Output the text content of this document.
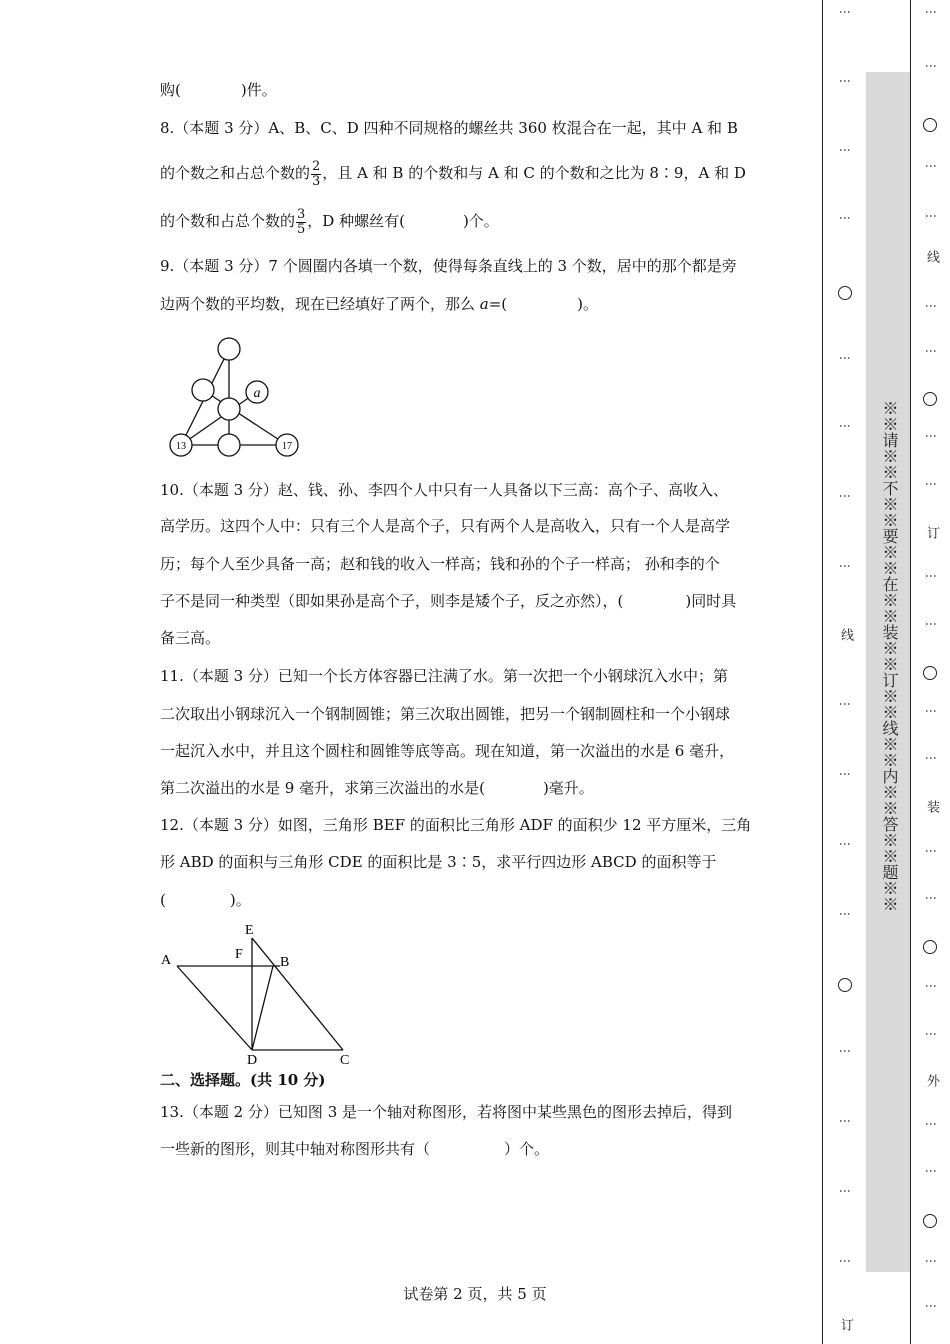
购(	)件。
8.（本题 3 分）A、B、C、D 四种不同规格的螺丝共 360 枚混合在一起，其中 A 和 B
的个数之和占总个数的 $\frac{2}{3}$ ，且 A 和 B 的个数和与 A 和 C 的个数和之比为 8∶9，A 和 D
的个数和占总个数的 $\frac{3}{5}$ ，D 种螺丝有(	)个。
9.（本题 3 分）7 个圆圈内各填一个数，使得每条直线上的 3 个数，居中的那个都是旁
边两个数的平均数，现在已经填好了两个，那么 a=(	)。
a
13	17
10.（本题 3 分）赵、钱、孙、李四个人中只有一人具备以下三高：高个子、高收入、
高学历。这四个人中：只有三个人是高个子，只有两个人是高收入，只有一个人是高学
历；每个人至少具备一高；赵和钱的收入一样高；钱和孙的个子一样高； 孙和李的个
子不是同一种类型（即如果孙是高个子，则李是矮个子，反之亦然），(	)同时具
备三高。
11.（本题 3 分）已知一个长方体容器已注满了水。第一次把一个小钢球沉入水中；第
二次取出小钢球沉入一个钢制圆锥；第三次取出圆锥，把另一个钢制圆柱和一个小钢球
一起沉入水中，并且这个圆柱和圆锥等底等高。现在知道，第一次溢出的水是 6 毫升，
第二次溢出的水是 9 毫升，求第三次溢出的水是(	)毫升。
12.（本题 3 分）如图，三角形 BEF 的面积比三角形 ADF 的面积少 12 平方厘米，三角
形 ABD 的面积与三角形 CDE 的面积比是 3∶5，求平行四边形 ABCD 的面积等于
(	)。
E
A	F
B
D	C
二、选择题。(共 10 分)
13.（本题 2 分）已知图 3 是一个轴对称图形，若将图中某些黑色的图形去掉后，得到
一些新的图形，则其中轴对称图形共有（	）个。
试卷第 2 页，共 5 页
⋮
⋮
⋮
⋮
⋮
⋮
⋮
⋮
线
⋮
⋮
⋮
⋮
⋮
⋮
⋮
⋮
订
※※请※※不※※要※※在※※装※※订※※线※※内※※答※※题※※
⋮
⋮
⋮
⋮
线
⋮
⋮
⋮
⋮
订
⋮
⋮
⋮
⋮
装
⋮
⋮
⋮
⋮
外
⋮
⋮
⋮
⋮
